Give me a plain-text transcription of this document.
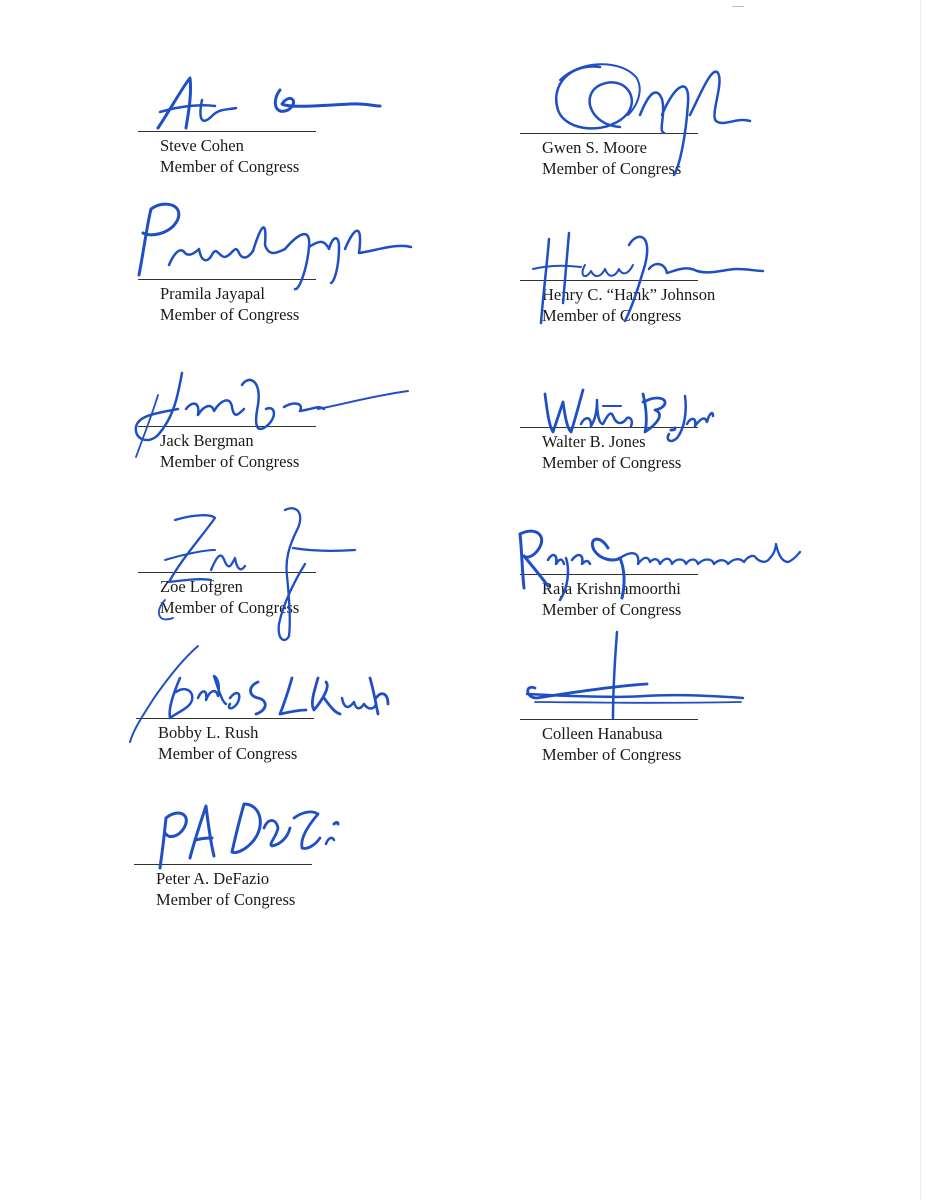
Steve Cohen
Member of Congress
Gwen S. Moore
Member of Congress
Pramila Jayapal
Member of Congress
Henry C. “Hank” Johnson
Member of Congress
Jack Bergman
Member of Congress
Walter B. Jones
Member of Congress
Zoe Lofgren
Member of Congress
Raja Krishnamoorthi
Member of Congress
Bobby L. Rush
Member of Congress
Colleen Hanabusa
Member of Congress
Peter A. DeFazio
Member of Congress
